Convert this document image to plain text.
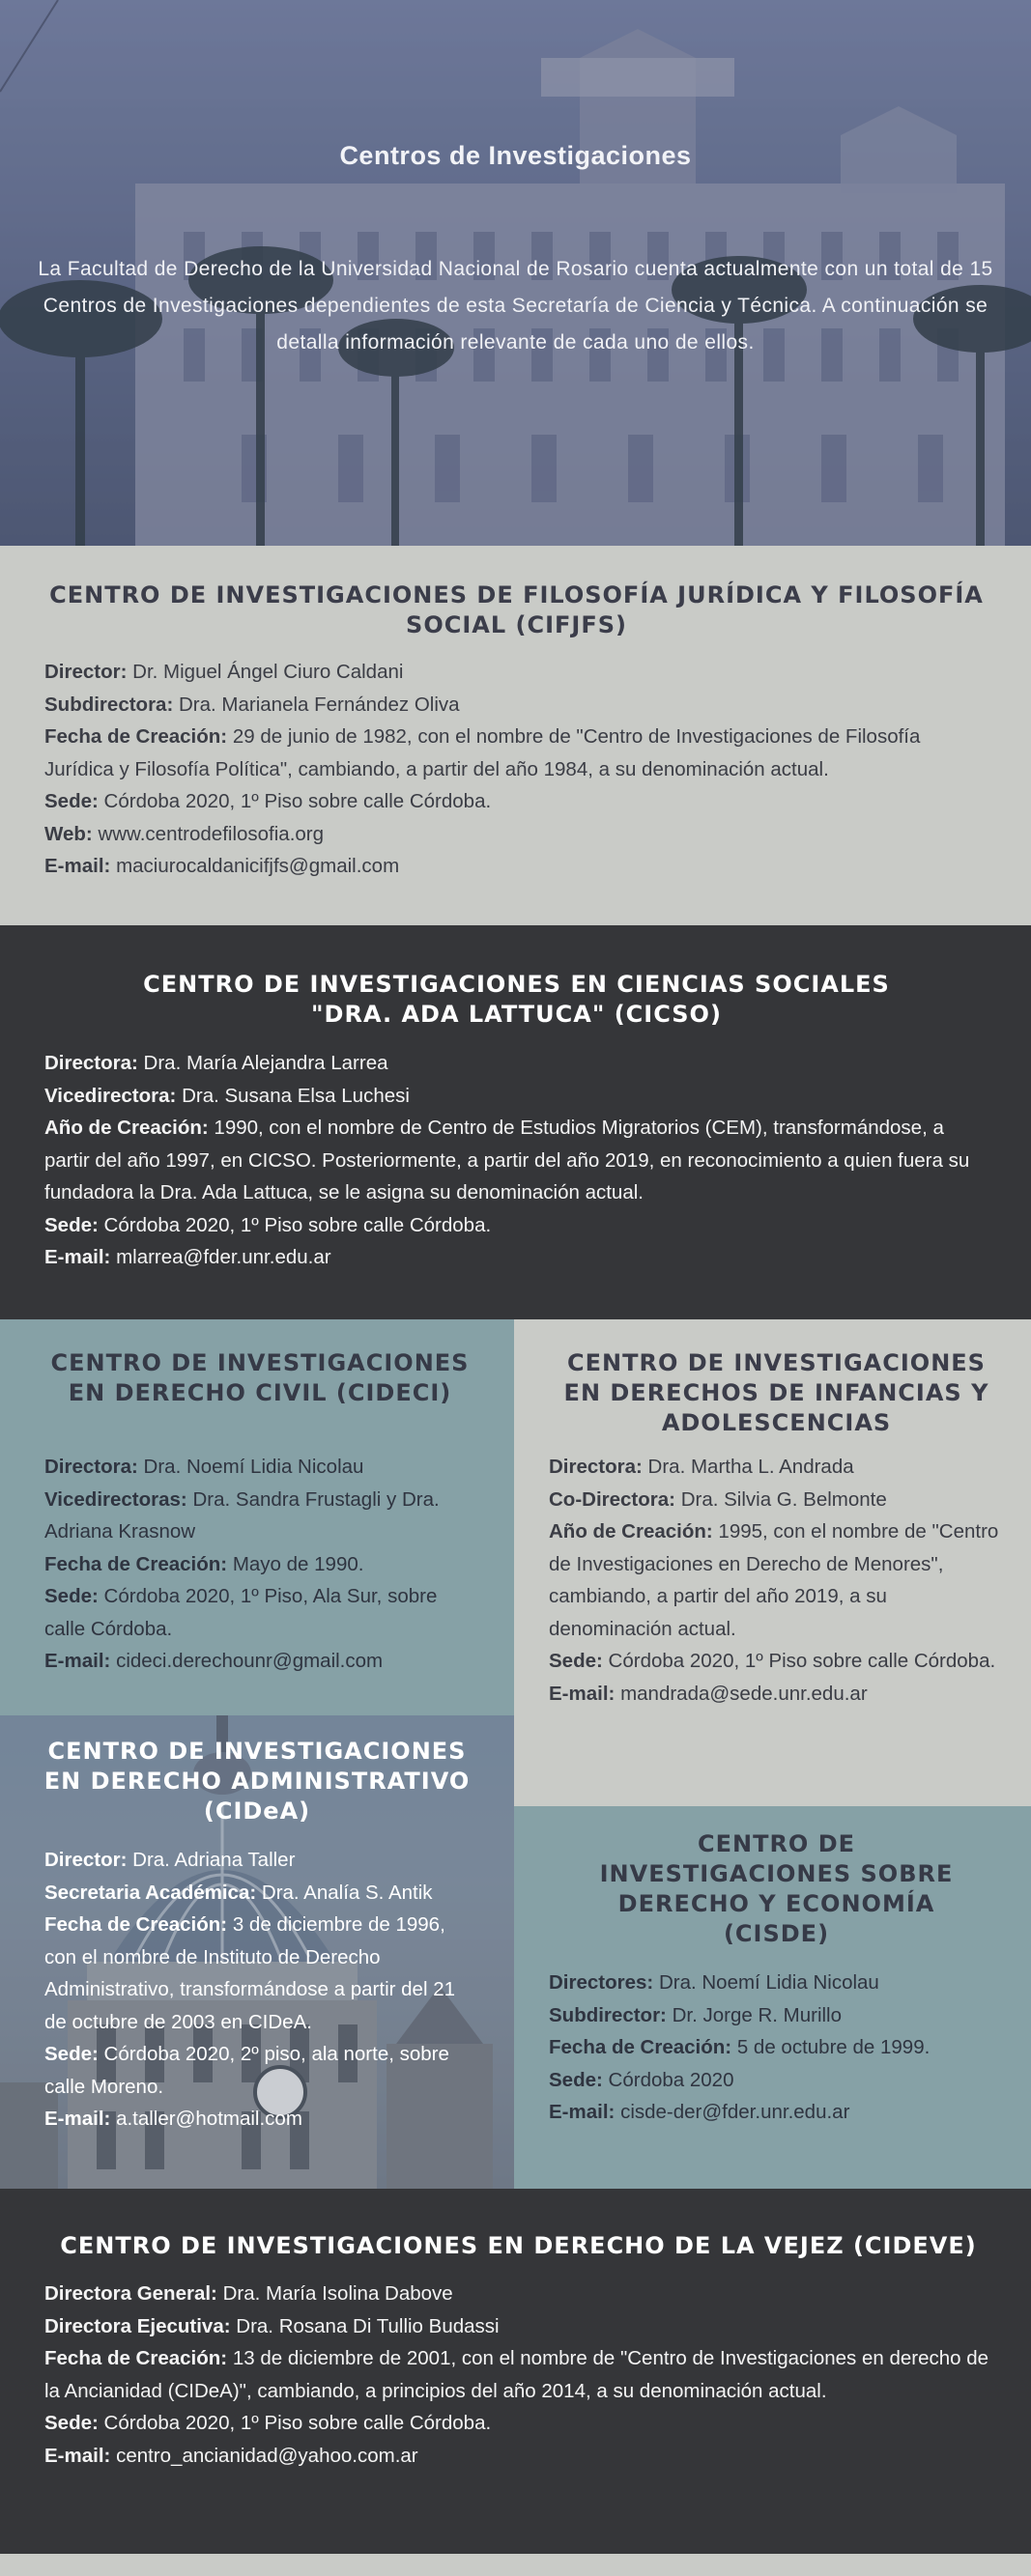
Centros de Investigaciones
La Facultad de Derecho de la Universidad Nacional de Rosario cuenta actualmente con un total de 15 Centros de Investigaciones dependientes de esta Secretaría de Ciencia y Técnica. A continuación se detalla información relevante de cada uno de ellos.
CENTRO DE INVESTIGACIONES DE FILOSOFÍA JURÍDICA Y FILOSOFÍA SOCIAL (CIFJFS)

Director: Dr. Miguel Ángel Ciuro Caldani

Subdirectora: Dra. Marianela Fernández Oliva

Fecha de Creación: 29 de junio de 1982, con el nombre de "Centro de Investigaciones de Filosofía Jurídica y Filosofía Política", cambiando, a partir del año 1984, a su denominación actual.

Sede: Córdoba 2020, 1º Piso sobre calle Córdoba.

Web: www.centrodefilosofia.org

E-mail: maciurocaldanicifjfs@gmail.com

CENTRO DE INVESTIGACIONES EN CIENCIAS SOCIALES
"DRA. ADA LATTUCA" (CICSO)

Directora: Dra. María Alejandra Larrea

Vicedirectora: Dra. Susana Elsa Luchesi

Año de Creación: 1990, con el nombre de Centro de Estudios Migratorios (CEM), transformándose, a partir del año 1997, en CICSO. Posteriormente, a partir del año 2019, en reconocimiento a quien fuera su fundadora la Dra. Ada Lattuca, se le asigna su denominación actual.

Sede: Córdoba 2020, 1º Piso sobre calle Córdoba.

E-mail: mlarrea@fder.unr.edu.ar

CENTRO DE INVESTIGACIONES EN DERECHO CIVIL (CIDECI)

Directora: Dra. Noemí Lidia Nicolau

Vicedirectoras: Dra. Sandra Frustagli y Dra. Adriana Krasnow

Fecha de Creación: Mayo de 1990.

Sede: Córdoba 2020, 1º Piso, Ala Sur, sobre calle Córdoba.

E-mail: cideci.derechounr@gmail.com

CENTRO DE INVESTIGACIONES EN DERECHOS DE INFANCIAS Y ADOLESCENCIAS

Directora: Dra. Martha L. Andrada

Co-Directora: Dra. Silvia G. Belmonte

Año de Creación: 1995, con el nombre de "Centro de Investigaciones en Derecho de Menores", cambiando, a partir del año 2019, a su denominación actual.

Sede: Córdoba 2020, 1º Piso sobre calle Córdoba.

E-mail: mandrada@sede.unr.edu.ar

CENTRO DE INVESTIGACIONES EN DERECHO ADMINISTRATIVO (CIDeA)

Director: Dra. Adriana Taller

Secretaria Académica: Dra. Analía S. Antik

Fecha de Creación: 3 de diciembre de 1996, con el nombre de Instituto de Derecho Administrativo, transformándose a partir del 21 de octubre de 2003 en CIDeA.

Sede: Córdoba 2020, 2º piso, ala norte, sobre calle Moreno.

E-mail: a.taller@hotmail.com

CENTRO DE INVESTIGACIONES SOBRE DERECHO Y ECONOMÍA (CISDE)

Directores: Dra. Noemí Lidia Nicolau

Subdirector: Dr. Jorge R. Murillo

Fecha de Creación: 5 de octubre de 1999.

Sede: Córdoba 2020

E-mail: cisde-der@fder.unr.edu.ar

CENTRO DE INVESTIGACIONES EN DERECHO DE LA VEJEZ (CIDEVE)

Directora General: Dra. María Isolina Dabove

Directora Ejecutiva: Dra. Rosana Di Tullio Budassi

Fecha de Creación: 13 de diciembre de 2001, con el nombre de "Centro de Investigaciones en derecho de la Ancianidad (CIDeA)", cambiando, a principios del año 2014, a su denominación actual.

Sede: Córdoba 2020, 1º Piso sobre calle Córdoba.

E-mail: centro_ancianidad@yahoo.com.ar
